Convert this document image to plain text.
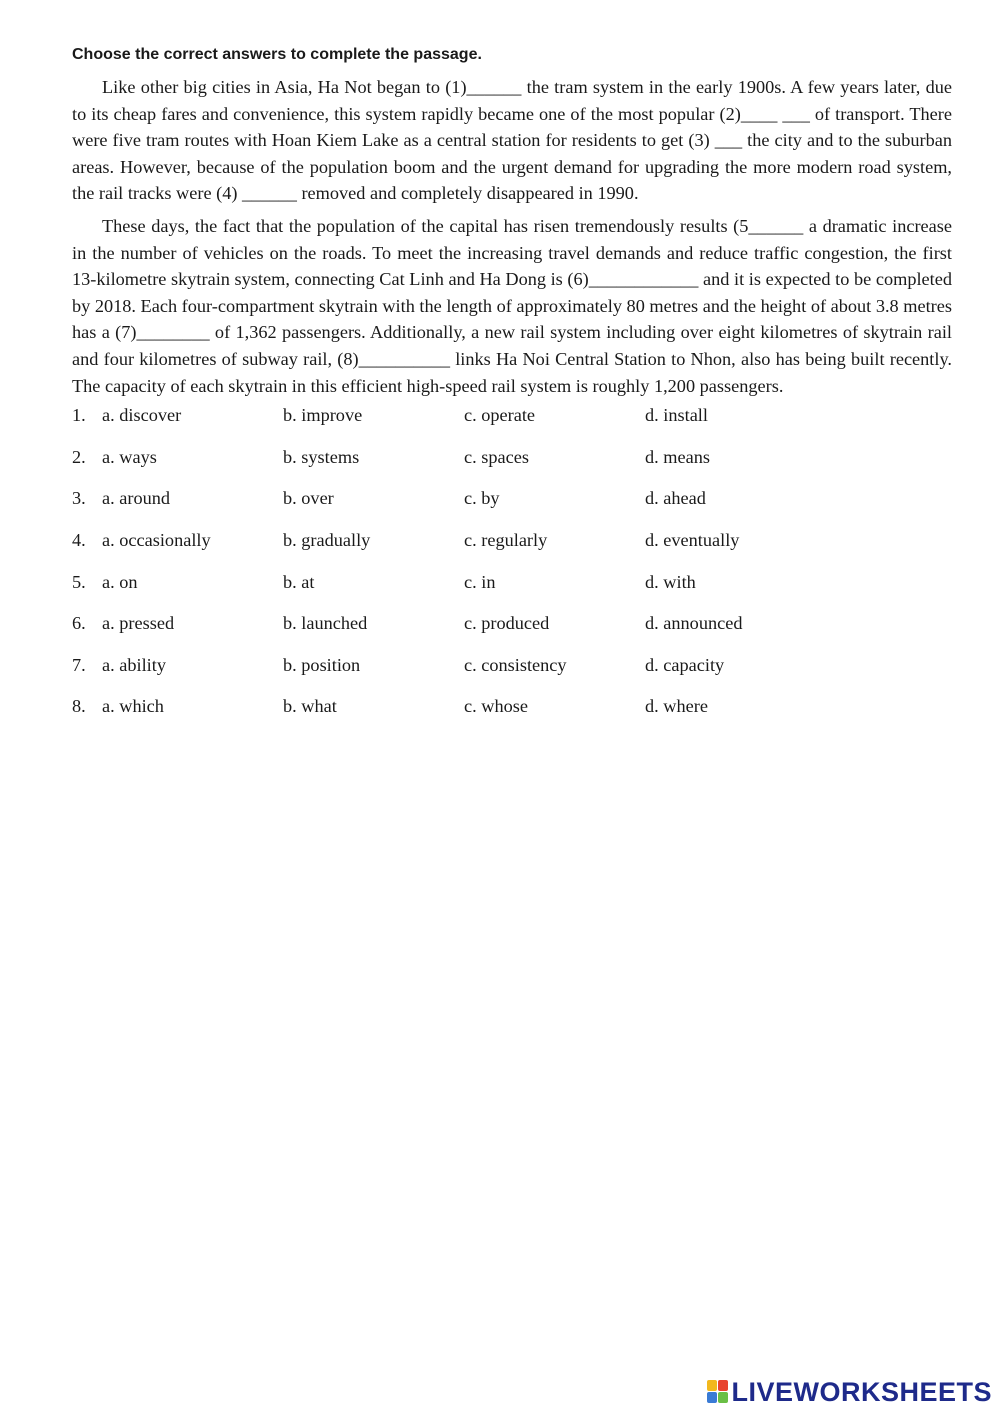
Choose the correct answers to complete the passage.

Like other big cities in Asia, Ha Not began to (1)______ the tram system in the early 1900s. A few years later, due to its cheap fares and convenience, this system rapidly became one of the most popular (2)____ ___ of transport. There were five tram routes with Hoan Kiem Lake as a central station for residents to get (3) ___ the city and to the suburban areas. However, because of the population boom and the urgent demand for upgrading the more modern road system, the rail tracks were (4) ______ removed and completely disappeared in 1990.

These days, the fact that the population of the capital has risen tremendously results (5______ a dramatic increase in the number of vehicles on the roads. To meet the increasing travel demands and reduce traffic congestion, the first 13-kilometre skytrain system, connecting Cat Linh and Ha Dong is (6)____________ and it is expected to be completed by 2018. Each four-compartment skytrain with the length of approximately 80 metres and the height of about 3.8 metres has a (7)________ of 1,362 passengers. Additionally, a new rail system including over eight kilometres of skytrain rail and four kilometres of subway rail, (8)__________ links Ha Noi Central Station to Nhon, also has being built recently. The capacity of each skytrain in this efficient high-speed rail system is roughly 1,200 passengers.

1. a. discover	b. improve	c. operate	d. install
2. a. ways	b. systems	c. spaces	d. means
3. a. around	b. over	c. by	d. ahead
4. a. occasionally	b. gradually	c. regularly	d. eventually
5. a. on	b. at	c. in	d. with
6. a. pressed	b. launched	c. produced	d. announced
7. a. ability	b. position	c. consistency	d. capacity
8. a. which	b. what	c. whose	d. where
LIVEWORKSHEETS
